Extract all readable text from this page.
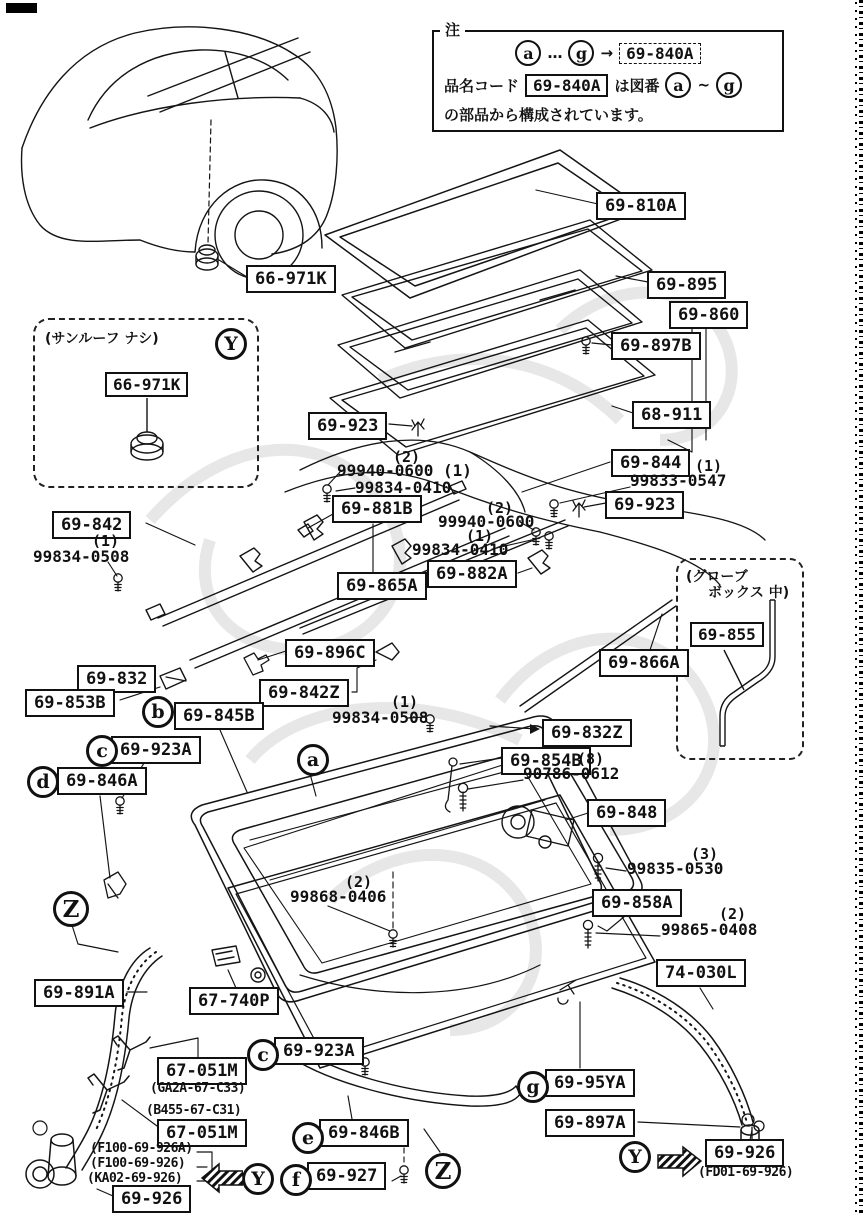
注
a … g → 69-840A
品名コード 69-840A は図番 a ~ g
の部品から構成されています。
(サンルーフ ナシ)	Y
66-971K
(グローブ
ボックス 中)
69-855
66-971K
69-810A
69-895
69-860
69-897B
68-911
69-923
69-844
69-923
69-881B
69-842
69-865A
69-882A
69-896C	69-866A
69-832
69-842Z
69-853B
69-845B
69-923A
69-846A
69-832Z
69-854B
69-848
69-858A
74-030L
69-891A	67-740P
69-923A
67-051M
67-051M
69-95YA
69-897A
69-846B
69-926
69-927
69-926
(2)
99940-0600 (1)
99834-0410
(1)
99833-0547
(1)
99834-0508
(2)
99940-0600
(1)
99834-0410
(1)
99834-0508
(8)
90786-0612
(3)
99835-0530
(2)
99865-0408
(2)
99868-0406
(GA2A-67-C33)
(B455-67-C31)
(F100-69-926A)
(F100-69-926)
(KA02-69-926)	(FD01-69-926)
a
b
c
c
d
e
f
g
Y
Y
Z
Z
